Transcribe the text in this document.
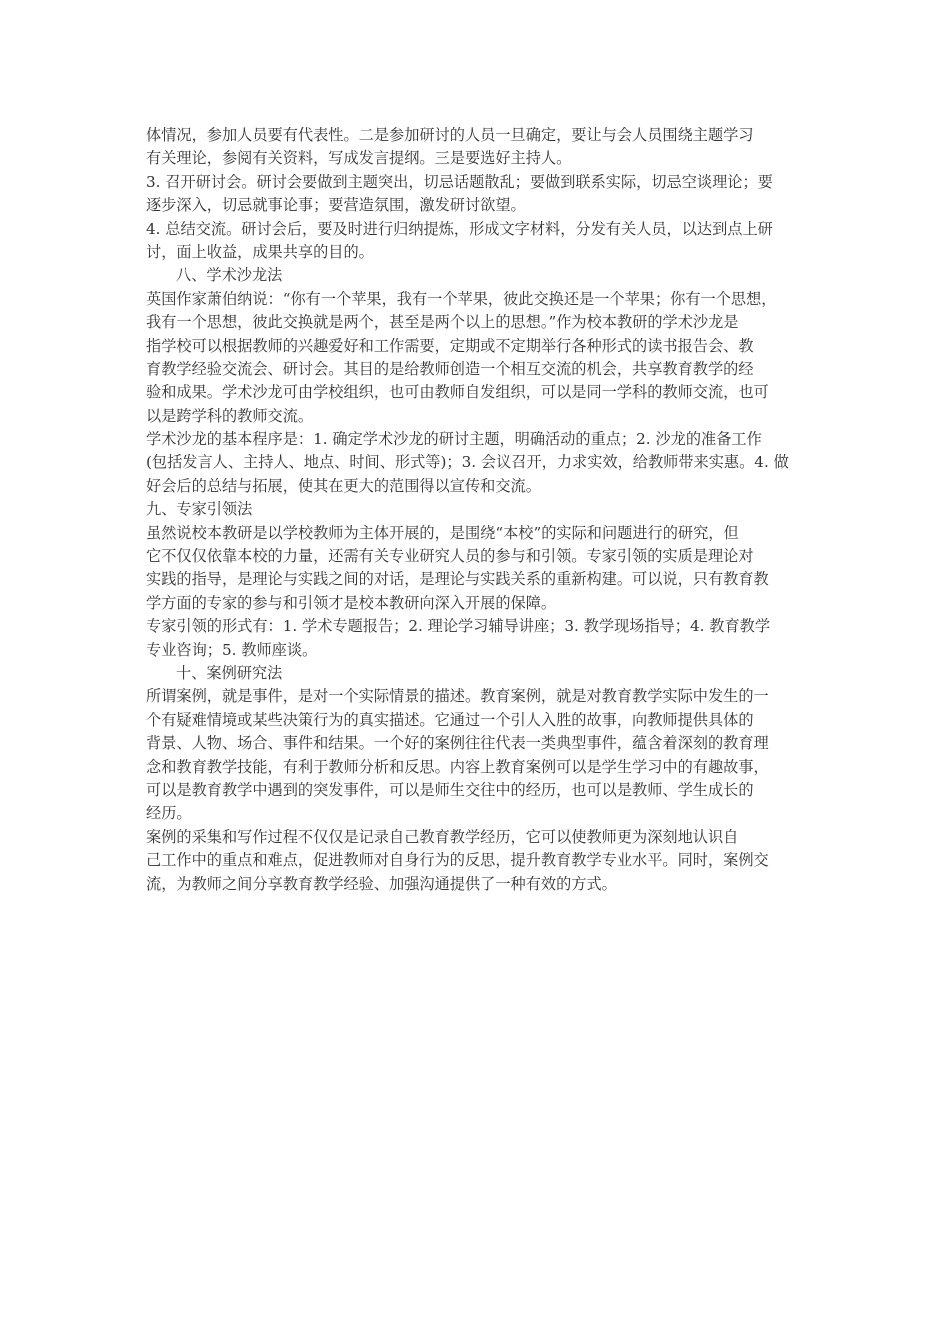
体情况，参加人员要有代表性。二是参加研讨的人员一旦确定，要让与会人员围绕主题学习
有关理论，参阅有关资料，写成发言提纲。三是要选好主持人。
3. 召开研讨会。研讨会要做到主题突出，切忌话题散乱；要做到联系实际，切忌空谈理论；要
逐步深入，切忌就事论事；要营造氛围，激发研讨欲望。
4. 总结交流。研讨会后，要及时进行归纳提炼，形成文字材料，分发有关人员，以达到点上研
讨，面上收益，成果共享的目的。
八、学术沙龙法
英国作家萧伯纳说：“你有一个苹果，我有一个苹果，彼此交换还是一个苹果；你有一个思想，
我有一个思想，彼此交换就是两个，甚至是两个以上的思想。”作为校本教研的学术沙龙是
指学校可以根据教师的兴趣爱好和工作需要，定期或不定期举行各种形式的读书报告会、教
育教学经验交流会、研讨会。其目的是给教师创造一个相互交流的机会，共享教育教学的经
验和成果。学术沙龙可由学校组织，也可由教师自发组织，可以是同一学科的教师交流，也可
以是跨学科的教师交流。
学术沙龙的基本程序是：1. 确定学术沙龙的研讨主题，明确活动的重点；2. 沙龙的准备工作
(包括发言人、主持人、地点、时间、形式等)；3. 会议召开，力求实效，给教师带来实惠。4. 做
好会后的总结与拓展，使其在更大的范围得以宣传和交流。
九、专家引领法
虽然说校本教研是以学校教师为主体开展的，是围绕“本校”的实际和问题进行的研究，但
它不仅仅依靠本校的力量，还需有关专业研究人员的参与和引领。专家引领的实质是理论对
实践的指导，是理论与实践之间的对话，是理论与实践关系的重新构建。可以说，只有教育教
学方面的专家的参与和引领才是校本教研向深入开展的保障。
专家引领的形式有：1. 学术专题报告；2. 理论学习辅导讲座；3. 教学现场指导；4. 教育教学
专业咨询；5. 教师座谈。
十、案例研究法
所谓案例，就是事件，是对一个实际情景的描述。教育案例，就是对教育教学实际中发生的一
个有疑难情境或某些决策行为的真实描述。它通过一个引人入胜的故事，向教师提供具体的
背景、人物、场合、事件和结果。一个好的案例往往代表一类典型事件，蕴含着深刻的教育理
念和教育教学技能，有利于教师分析和反思。内容上教育案例可以是学生学习中的有趣故事，
可以是教育教学中遇到的突发事件，可以是师生交往中的经历，也可以是教师、学生成长的
经历。
案例的采集和写作过程不仅仅是记录自己教育教学经历，它可以使教师更为深刻地认识自
己工作中的重点和难点，促进教师对自身行为的反思，提升教育教学专业水平。同时，案例交
流，为教师之间分享教育教学经验、加强沟通提供了一种有效的方式。
